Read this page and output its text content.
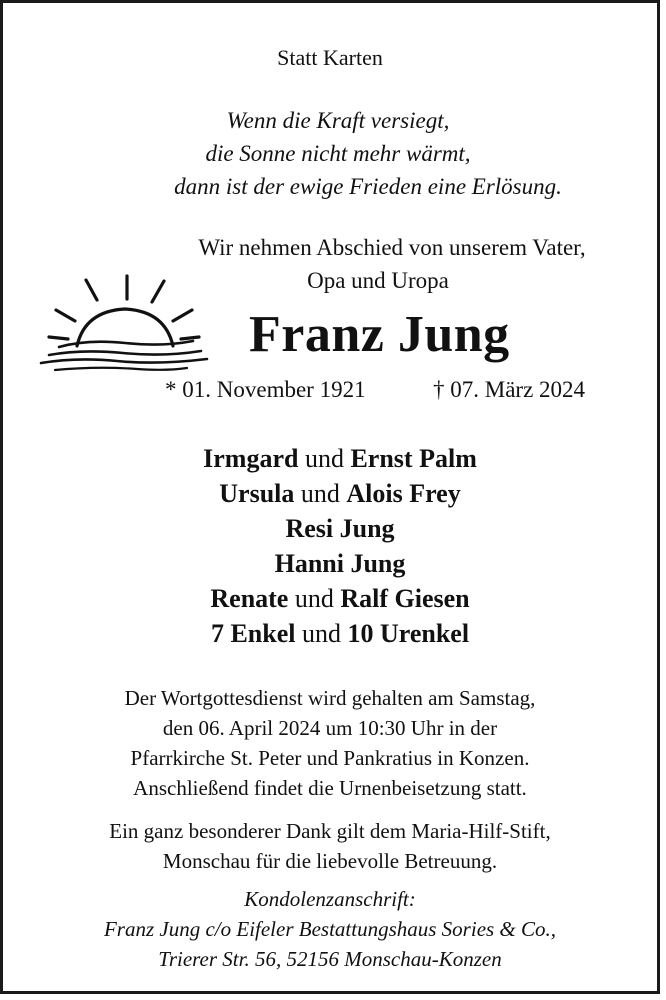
Statt Karten
Wenn die Kraft versiegt,
die Sonne nicht mehr wärmt,
dann ist der ewige Frieden eine Erlösung.
Wir nehmen Abschied von unserem Vater,
Opa und Uropa
Franz Jung
* 01. November 1921	† 07. März 2024
Irmgard und Ernst Palm
Ursula und Alois Frey
Resi Jung
Hanni Jung
Renate und Ralf Giesen
7 Enkel und 10 Urenkel
Der Wortgottesdienst wird gehalten am Samstag,
den 06. April 2024 um 10:30 Uhr in der
Pfarrkirche St. Peter und Pankratius in Konzen.
Anschließend findet die Urnenbeisetzung statt.
Ein ganz besonderer Dank gilt dem Maria-Hilf-Stift,
Monschau für die liebevolle Betreuung.
Kondolenzanschrift:
Franz Jung c/o Eifeler Bestattungshaus Sories & Co.,
Trierer Str. 56, 52156 Monschau-Konzen
